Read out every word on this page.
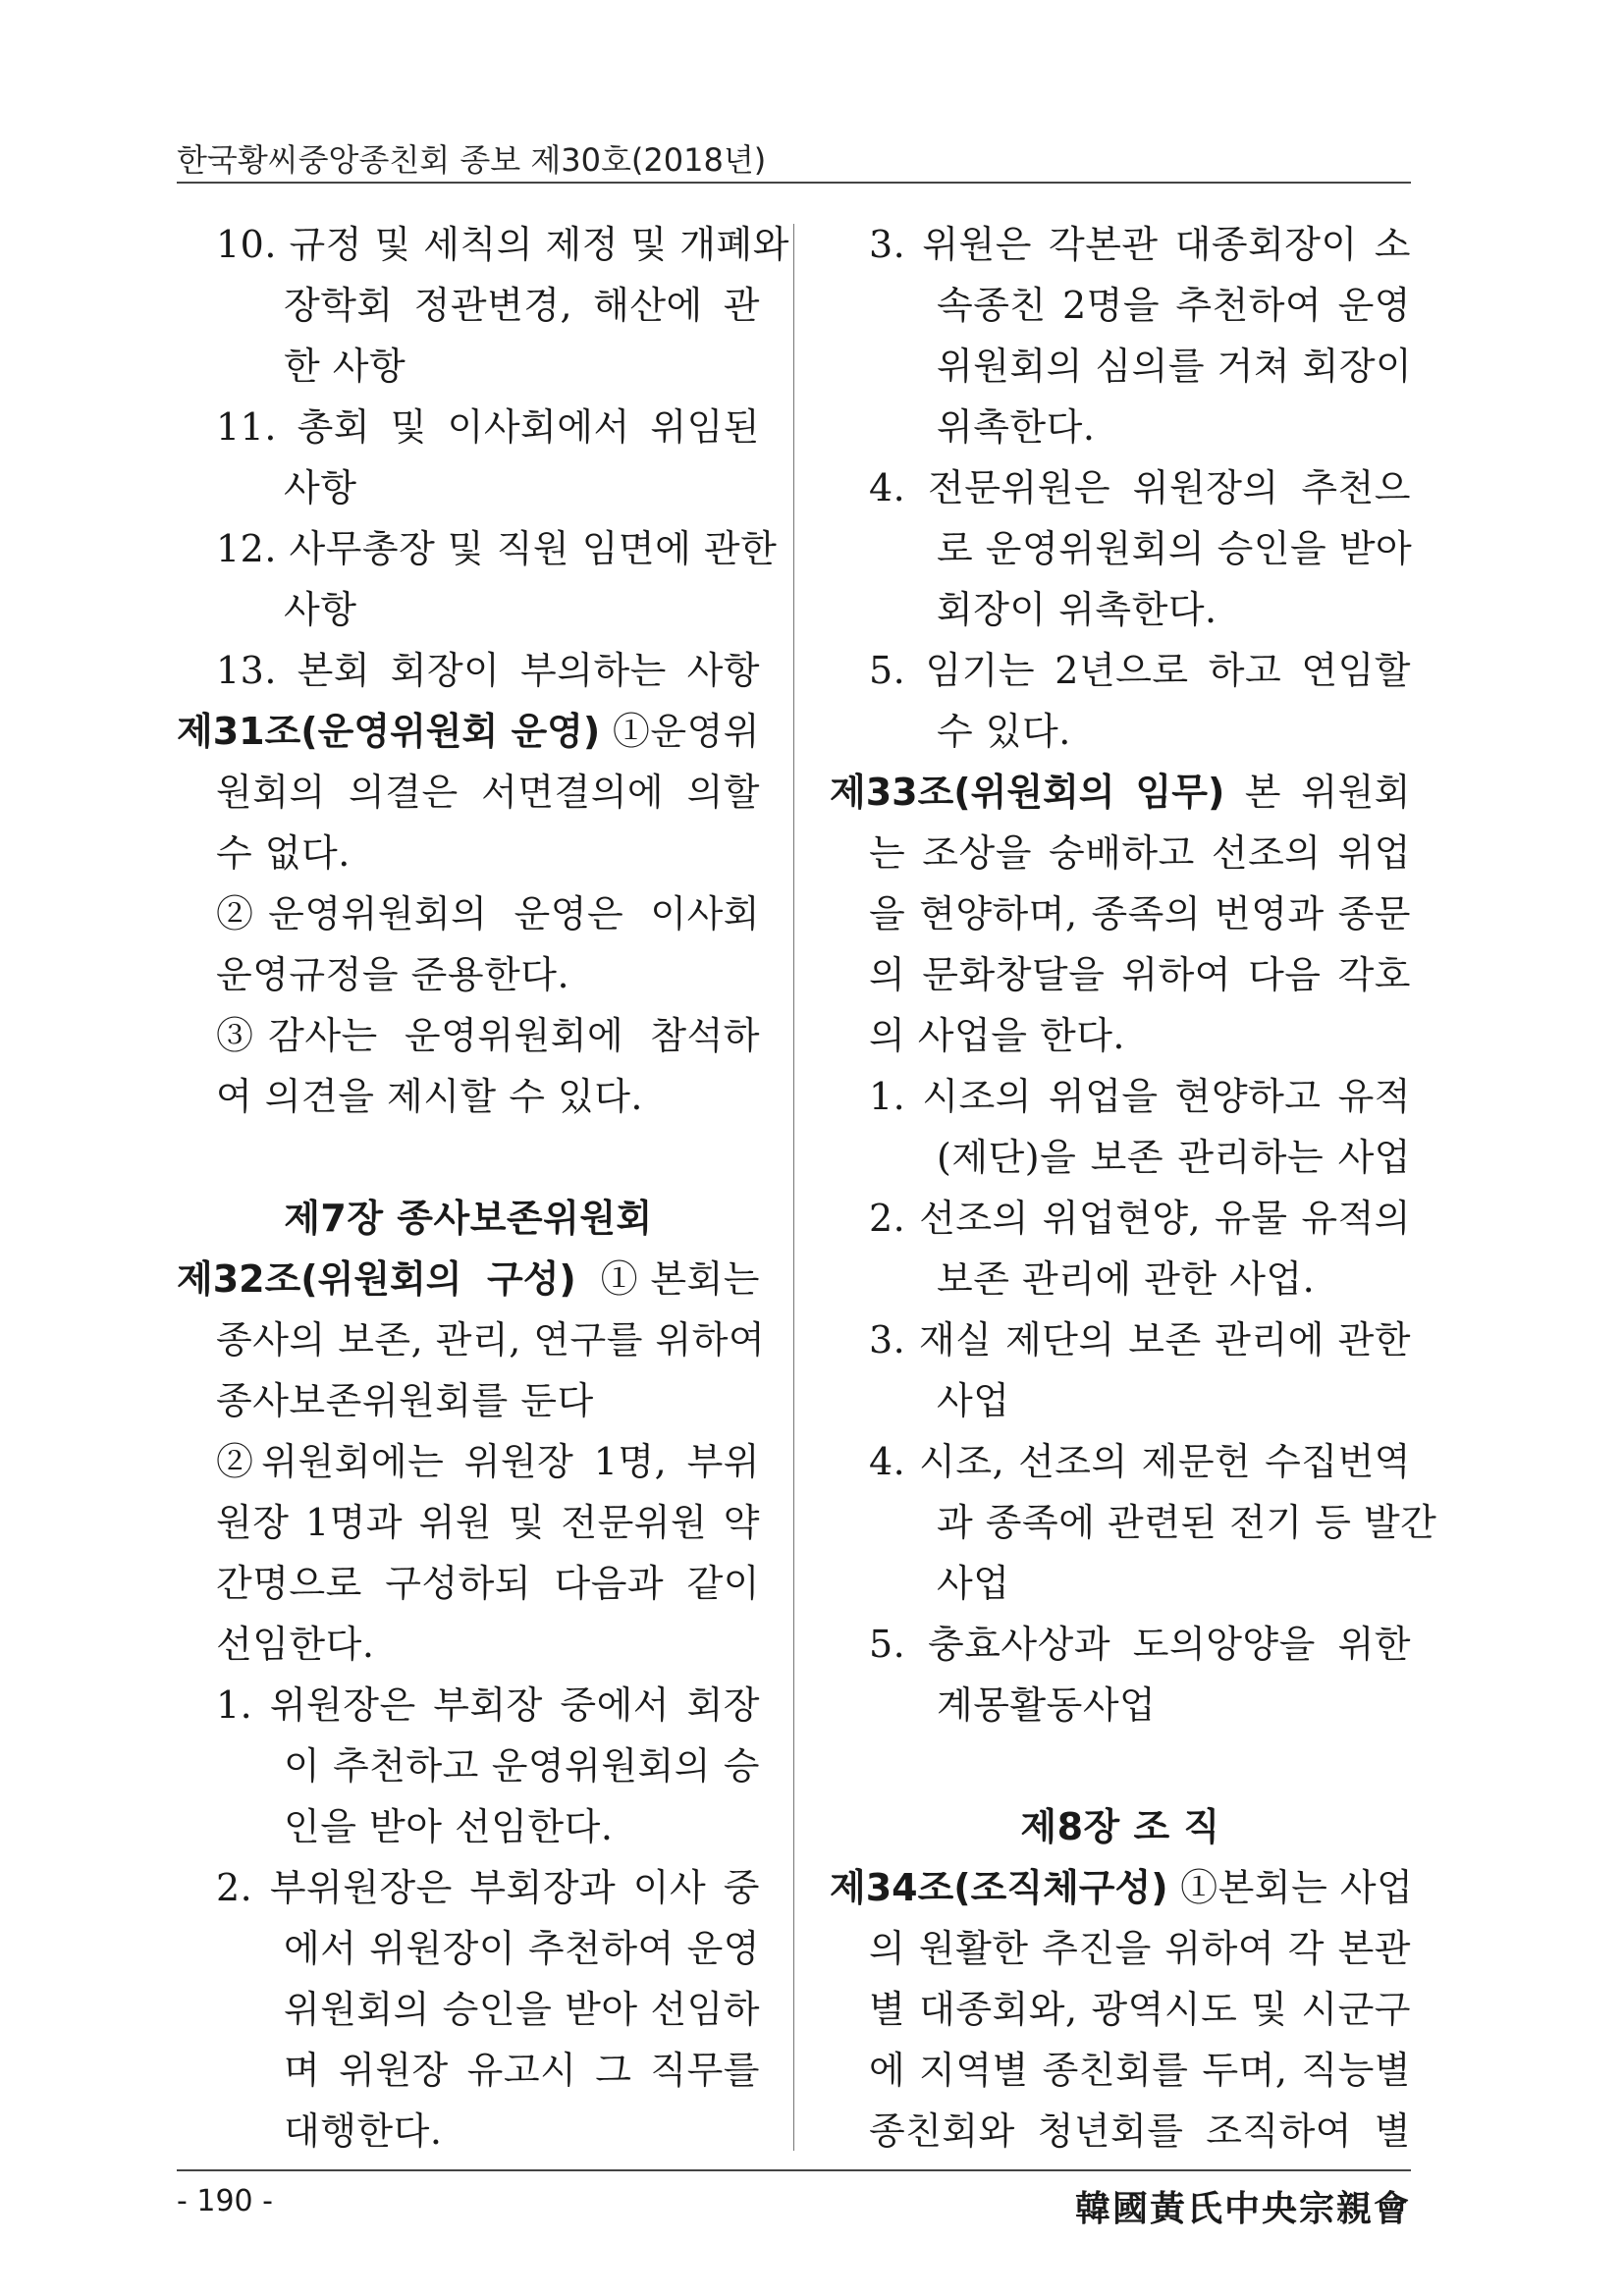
한국황씨중앙종친회 종보 제30호(2018년)
10. 규정 및 세칙의 제정 및 개폐와
장학회 정관변경, 해산에 관
한 사항
11. 총회 및 이사회에서 위임된
사항
12. 사무총장 및 직원 임면에 관한
사항
13. 본회 회장이 부의하는 사항
제31조(운영위원회 운영) ①운영위
원회의 의결은 서면결의에 의할
수 없다.
②운영위원회의 운영은 이사회
운영규정을 준용한다.
③감사는 운영위원회에 참석하
여 의견을 제시할 수 있다.
제7장 종사보존위원회
제32조(위원회의 구성) ①본회는
종사의 보존, 관리, 연구를 위하여
종사보존위원회를 둔다
②위원회에는 위원장 1명, 부위
원장 1명과 위원 및 전문위원 약
간명으로 구성하되 다음과 같이
선임한다.
1. 위원장은 부회장 중에서 회장
이 추천하고 운영위원회의 승
인을 받아 선임한다.
2. 부위원장은 부회장과 이사 중
에서 위원장이 추천하여 운영
위원회의 승인을 받아 선임하
며 위원장 유고시 그 직무를
대행한다.
3. 위원은 각본관 대종회장이 소
속종친 2명을 추천하여 운영
위원회의 심의를 거쳐 회장이
위촉한다.
4. 전문위원은 위원장의 추천으
로 운영위원회의 승인을 받아
회장이 위촉한다.
5. 임기는 2년으로 하고 연임할
수 있다.
제33조(위원회의 임무) 본 위원회
는 조상을 숭배하고 선조의 위업
을 현양하며, 종족의 번영과 종문
의 문화창달을 위하여 다음 각호
의 사업을 한다.
1. 시조의 위업을 현양하고 유적
(제단)을 보존 관리하는 사업
2. 선조의 위업현양, 유물 유적의
보존 관리에 관한 사업.
3. 재실 제단의 보존 관리에 관한
사업
4. 시조, 선조의 제문헌 수집번역
과 종족에 관련된 전기 등 발간
사업
5. 충효사상과 도의앙양을 위한
계몽활동사업
제8장 조 직
제34조(조직체구성) ①본회는 사업
의 원활한 추진을 위하여 각 본관
별 대종회와, 광역시도 및 시군구
에 지역별 종친회를 두며, 직능별
종친회와 청년회를 조직하여 별
- 190 -	韓國黃氏中央宗親會
